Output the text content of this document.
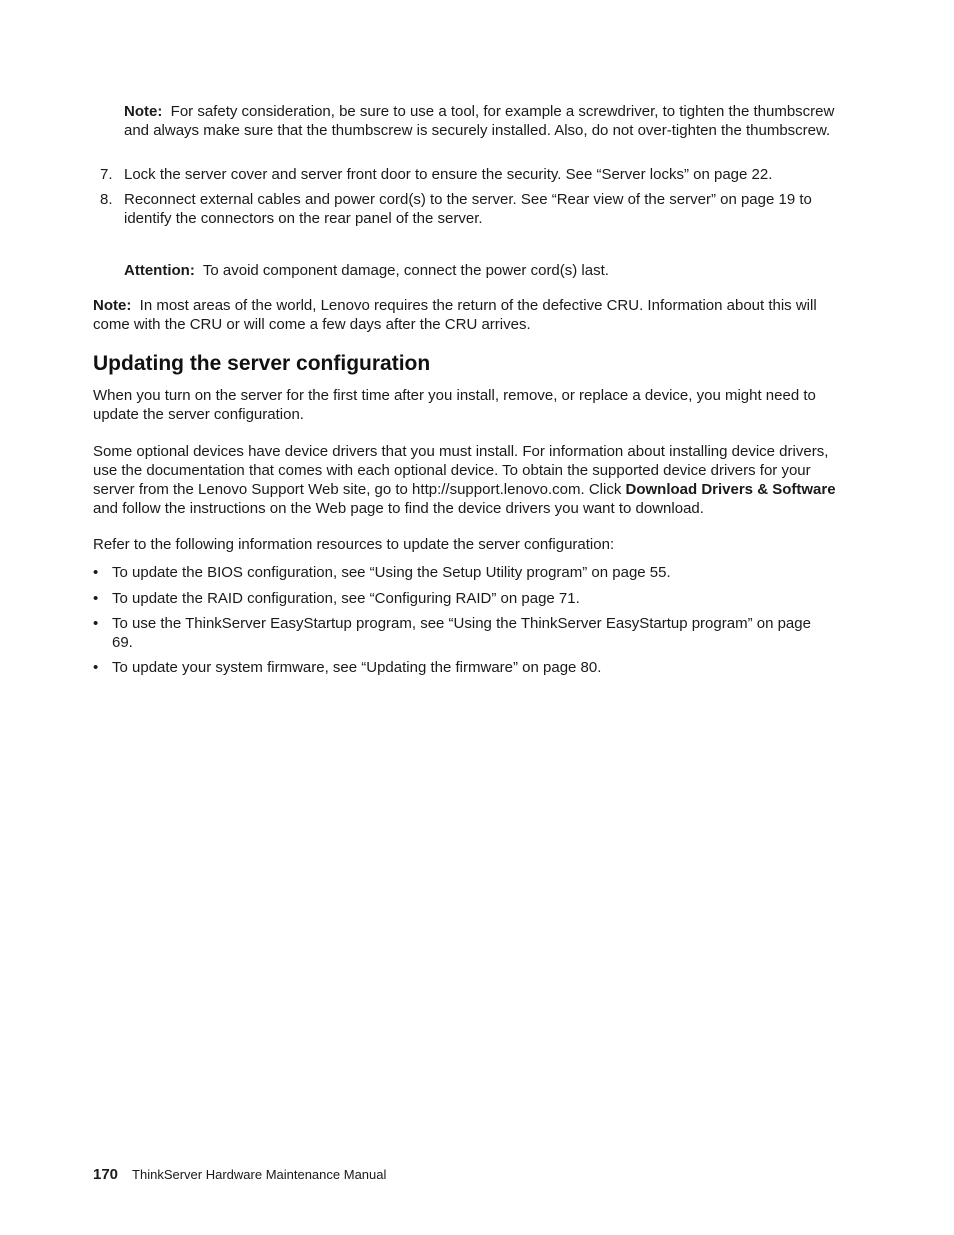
Note: For safety consideration, be sure to use a tool, for example a screwdriver, to tighten the thumbscrew and always make sure that the thumbscrew is securely installed. Also, do not over-tighten the thumbscrew.

7. Lock the server cover and server front door to ensure the security. See “Server locks” on page 22.
8. Reconnect external cables and power cord(s) to the server. See “Rear view of the server” on page 19 to identify the connectors on the rear panel of the server.

Attention: To avoid component damage, connect the power cord(s) last.

Note: In most areas of the world, Lenovo requires the return of the defective CRU. Information about this will come with the CRU or will come a few days after the CRU arrives.

Updating the server configuration

When you turn on the server for the first time after you install, remove, or replace a device, you might need to update the server configuration.

Some optional devices have device drivers that you must install. For information about installing device drivers, use the documentation that comes with each optional device. To obtain the supported device drivers for your server from the Lenovo Support Web site, go to http://support.lenovo.com. Click Download Drivers & Software and follow the instructions on the Web page to find the device drivers you want to download.

Refer to the following information resources to update the server configuration:

• To update the BIOS configuration, see “Using the Setup Utility program” on page 55.
• To update the RAID configuration, see “Configuring RAID” on page 71.
• To use the ThinkServer EasyStartup program, see “Using the ThinkServer EasyStartup program” on page 69.
• To update your system firmware, see “Updating the firmware” on page 80.
170 ThinkServer Hardware Maintenance Manual
